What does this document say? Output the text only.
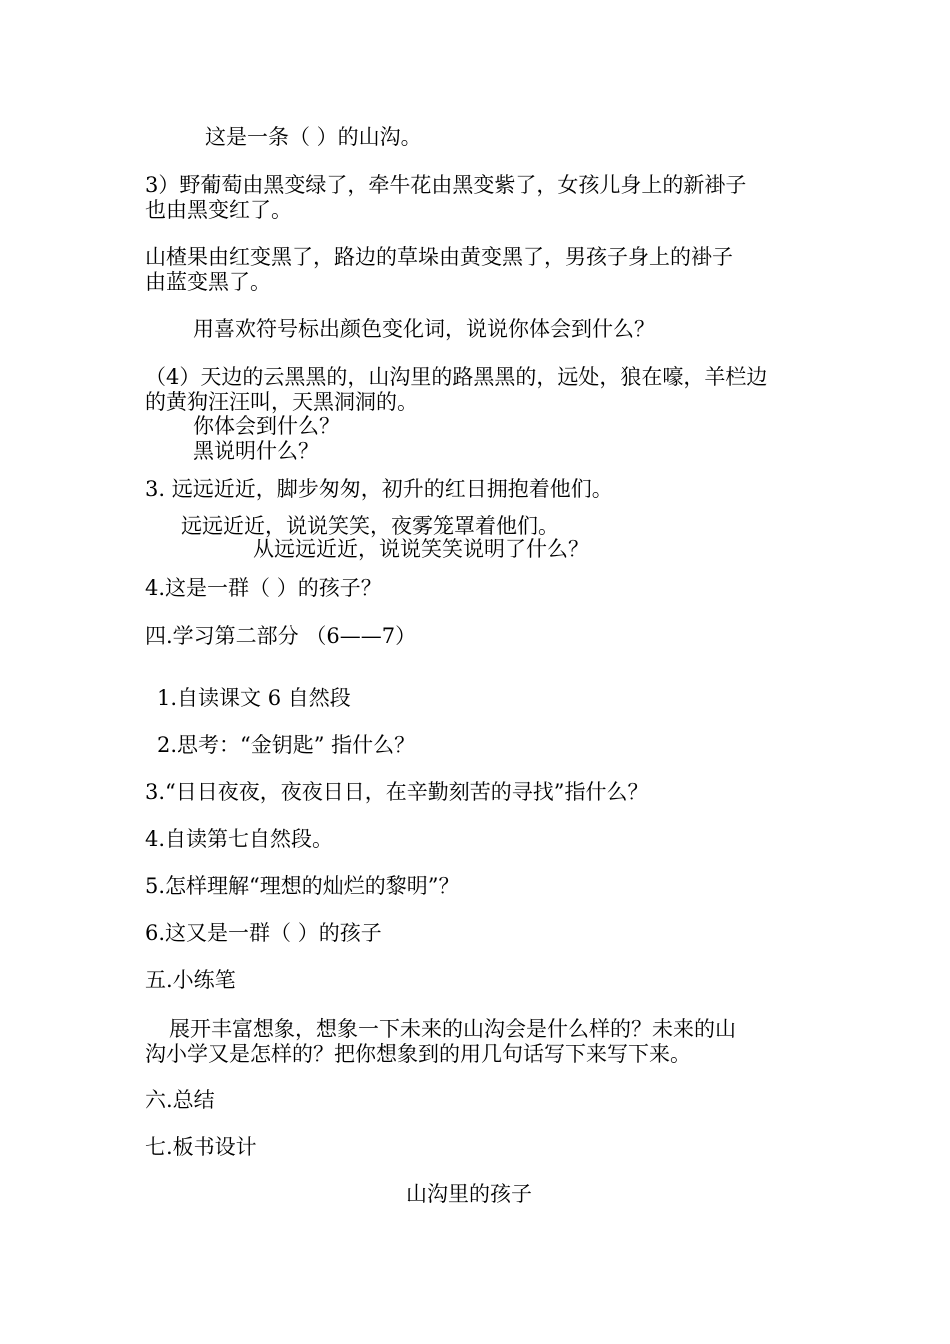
这是一条（ ）的山沟。

3）野葡萄由黑变绿了，牵牛花由黑变紫了，女孩儿身上的新褂子

也由黑变红了。

山楂果由红变黑了，路边的草垛由黄变黑了，男孩子身上的褂子

由蓝变黑了。

用喜欢符号标出颜色变化词，说说你体会到什么？

（4）天边的云黑黑的，山沟里的路黑黑的，远处，狼在嚎，羊栏边

的黄狗汪汪叫，天黑洞洞的。

你体会到什么？

黑说明什么？

3. 远远近近，脚步匆匆，初升的红日拥抱着他们。

远远近近，说说笑笑，夜雾笼罩着他们。

从远远近近，说说笑笑说明了什么？

4.这是一群（ ）的孩子？

四.学习第二部分 （6——7）

1.自读课文 6 自然段

2.思考：“金钥匙” 指什么？

3.“日日夜夜，夜夜日日，在辛勤刻苦的寻找”指什么？

4.自读第七自然段。

5.怎样理解“理想的灿烂的黎明”？

6.这又是一群（ ）的孩子

五.小练笔

展开丰富想象，想象一下未来的山沟会是什么样的？未来的山

沟小学又是怎样的？把你想象到的用几句话写下来写下来。

六.总结

七.板书设计

山沟里的孩子
